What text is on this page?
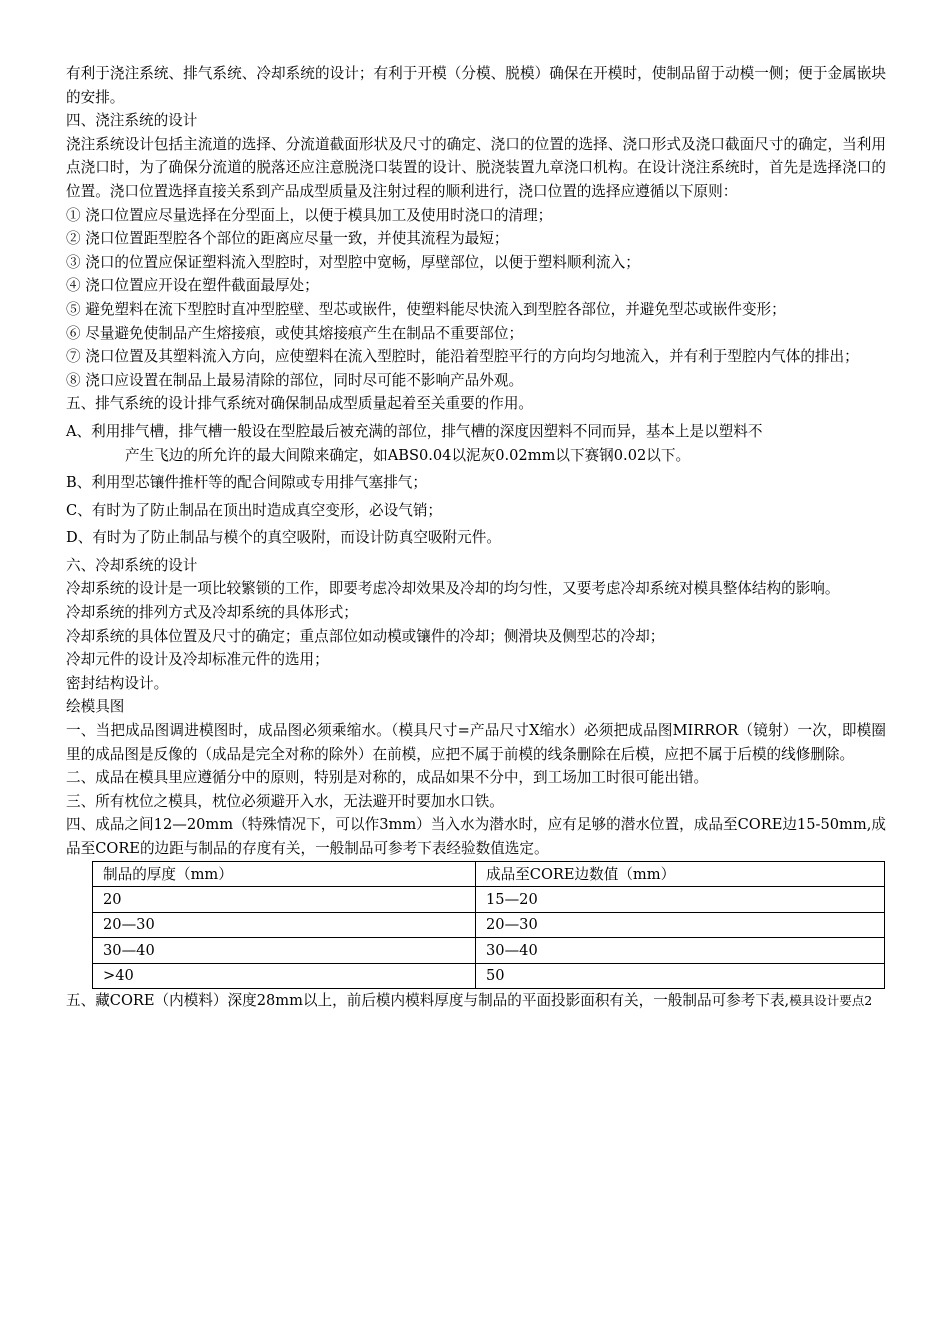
有利于浇注系统、排气系统、冷却系统的设计；有利于开模（分模、脱模）确保在开模时，使制品留于动模一侧；便于金属嵌块的安排。

四、浇注系统的设计

浇注系统设计包括主流道的选择、分流道截面形状及尺寸的确定、浇口的位置的选择、浇口形式及浇口截面尺寸的确定，当利用点浇口时，为了确保分流道的脱落还应注意脱浇口装置的设计、脱浇装置九章浇口机构。在设计浇注系统时，首先是选择浇口的位置。浇口位置选择直接关系到产品成型质量及注射过程的顺利进行，浇口位置的选择应遵循以下原则：

① 浇口位置应尽量选择在分型面上，以便于模具加工及使用时浇口的清理；

② 浇口位置距型腔各个部位的距离应尽量一致，并使其流程为最短；

③ 浇口的位置应保证塑料流入型腔时，对型腔中宽畅，厚壁部位，以便于塑料顺利流入；

④ 浇口位置应开设在塑件截面最厚处；

⑤ 避免塑料在流下型腔时直冲型腔壁、型芯或嵌件，使塑料能尽快流入到型腔各部位，并避免型芯或嵌件变形；

⑥ 尽量避免使制品产生熔接痕，或使其熔接痕产生在制品不重要部位；

⑦ 浇口位置及其塑料流入方向，应使塑料在流入型腔时，能沿着型腔平行的方向均匀地流入，并有利于型腔内气体的排出；

⑧ 浇口应设置在制品上最易清除的部位，同时尽可能不影响产品外观。

五、排气系统的设计排气系统对确保制品成型质量起着至关重要的作用。

A、利用排气槽，排气槽一般设在型腔最后被充满的部位，排气槽的深度因塑料不同而异，基本上是以塑料不

产生飞边的所允许的最大间隙来确定，如ABS0.04以泥灰0.02mm以下赛钢0.02以下。

B、利用型芯镶件推杆等的配合间隙或专用排气塞排气；

C、有时为了防止制品在顶出时造成真空变形，必设气销；

D、有时为了防止制品与模个的真空吸附，而设计防真空吸附元件。

六、冷却系统的设计

冷却系统的设计是一项比较繁锁的工作，即要考虑冷却效果及冷却的均匀性，又要考虑冷却系统对模具整体结构的影响。

冷却系统的排列方式及冷却系统的具体形式；

冷却系统的具体位置及尺寸的确定；重点部位如动模或镶件的冷却；侧滑块及侧型芯的冷却；

冷却元件的设计及冷却标准元件的选用；

密封结构设计。

绘模具图

一、当把成品图调进模图时，成品图必须乘缩水。（模具尺寸=产品尺寸X缩水）必须把成品图MIRROR（镜射）一次，即模圈里的成品图是反像的（成品是完全对称的除外）在前模，应把不属于前模的线条删除在后模，应把不属于后模的线修删除。

二、成品在模具里应遵循分中的原则，特别是对称的，成品如果不分中，到工场加工时很可能出错。

三、所有枕位之模具，枕位必须避开入水，无法避开时要加水口铁。

四、成品之间12—20mm（特殊情况下，可以作3mm）当入水为潜水时，应有足够的潜水位置，成品至CORE边15-50mm,成品至CORE的边距与制品的存度有关，一般制品可参考下表经验数值选定。

制品的厚度（mm）	成品至CORE边数值（mm）
20	15—20
20—30	20—30
30—40	30—40
>40	50

五、藏CORE（内模料）深度28mm以上，前后模内模料厚度与制品的平面投影面积有关，一般制品可参考下表,模具设计要点2
